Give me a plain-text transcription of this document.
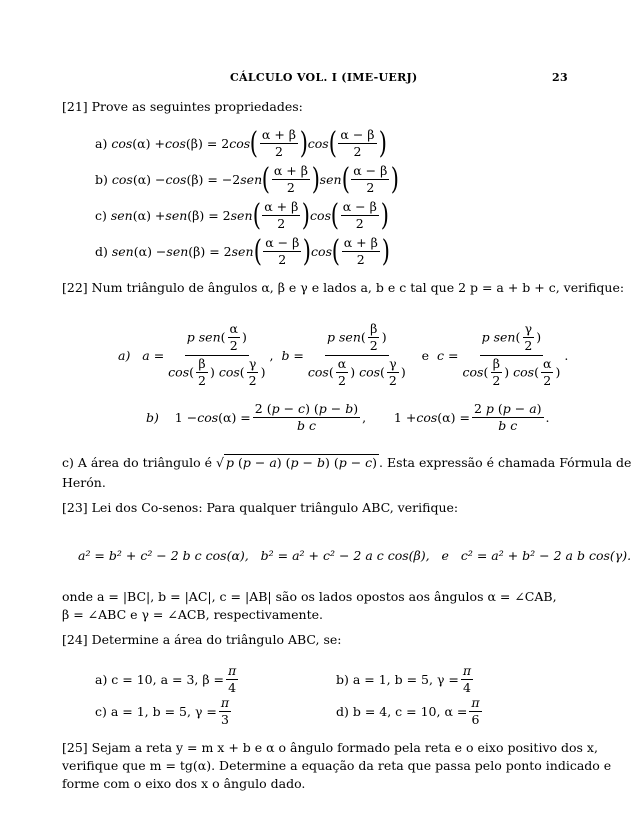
CÁLCULO VOL. I (IME-UERJ)	23
[21] Prove as seguintes propriedades:
a)
cos (α) + cos (β) = 2 cos ( $\frac{\alpha + \beta}{2}$ ) cos ( $\frac{\alpha - \beta}{2}$ )
b)
cos (α) − cos (β) = −2 sen ( $\frac{\alpha + \beta}{2}$ ) sen ( $\frac{\alpha - \beta}{2}$ )
c)
sen (α) + sen (β) = 2 sen ( $\frac{\alpha + \beta}{2}$ ) cos ( $\frac{\alpha - \beta}{2}$ )
d)
sen (α) − sen (β) = 2 sen ( $\frac{\alpha - \beta}{2}$ ) cos ( $\frac{\alpha + \beta}{2}$ )
[22] Num triângulo de ângulos α, β e γ e lados a, b e c tal que 2 p = a + b + c, verifique:
a)
$a = \frac{p sen( \frac{\alpha}{2} )}{\cos( \frac{\beta}{2} ) \cos( \frac{\gamma}{2} )}$ , $b = \frac{p sen( \frac{\beta}{2} )}{\cos( \frac{\alpha}{2} ) \cos( \frac{\gamma}{2} )}$ e $c = \frac{p sen( \frac{\gamma}{2} )}{\cos( \frac{\beta}{2} ) \cos( \frac{\alpha}{2} )}$ .
b) $1 - \cos (\alpha) = \frac{2 (p - c) (p - b)}{\text{b c}}$ ,       $1 + \cos (\alpha) = \frac{2 p (p - a)}{\text{b c}}$ .
c) A área do triângulo é √ p (p − a) (p − b) (p − c) . Esta expressão é chamada Fórmula de
Herón.
[23] Lei dos Co-senos: Para qualquer triângulo ABC, verifique:
a² = b² + c² − 2 b c cos(α),   b² = a² + c² − 2 a c cos(β),   e   c² = a² + b² − 2 a b cos(γ).
onde a = |BC|, b = |AC|, c = |AB| são os lados opostos aos ângulos α = ∠CAB,
β = ∠ABC e γ = ∠ACB, respectivamente.
[24] Determine a área do triângulo ABC, se:
a) c = 10, a = 3, $\beta = \frac{\pi}{4}$	b) a = 1, b = 5, $\gamma = \frac{\pi}{4}$
c) a = 1, b = 5, $\gamma = \frac{\pi}{3}$	d) b = 4, c = 10, $\alpha = \frac{\pi}{6}$
[25] Sejam a reta y = m x + b e α o ângulo formado pela reta e o eixo positivo dos x,
verifique que m = tg(α). Determine a equação da reta que passa pelo ponto indicado e
forme com o eixo dos x o ângulo dado.
